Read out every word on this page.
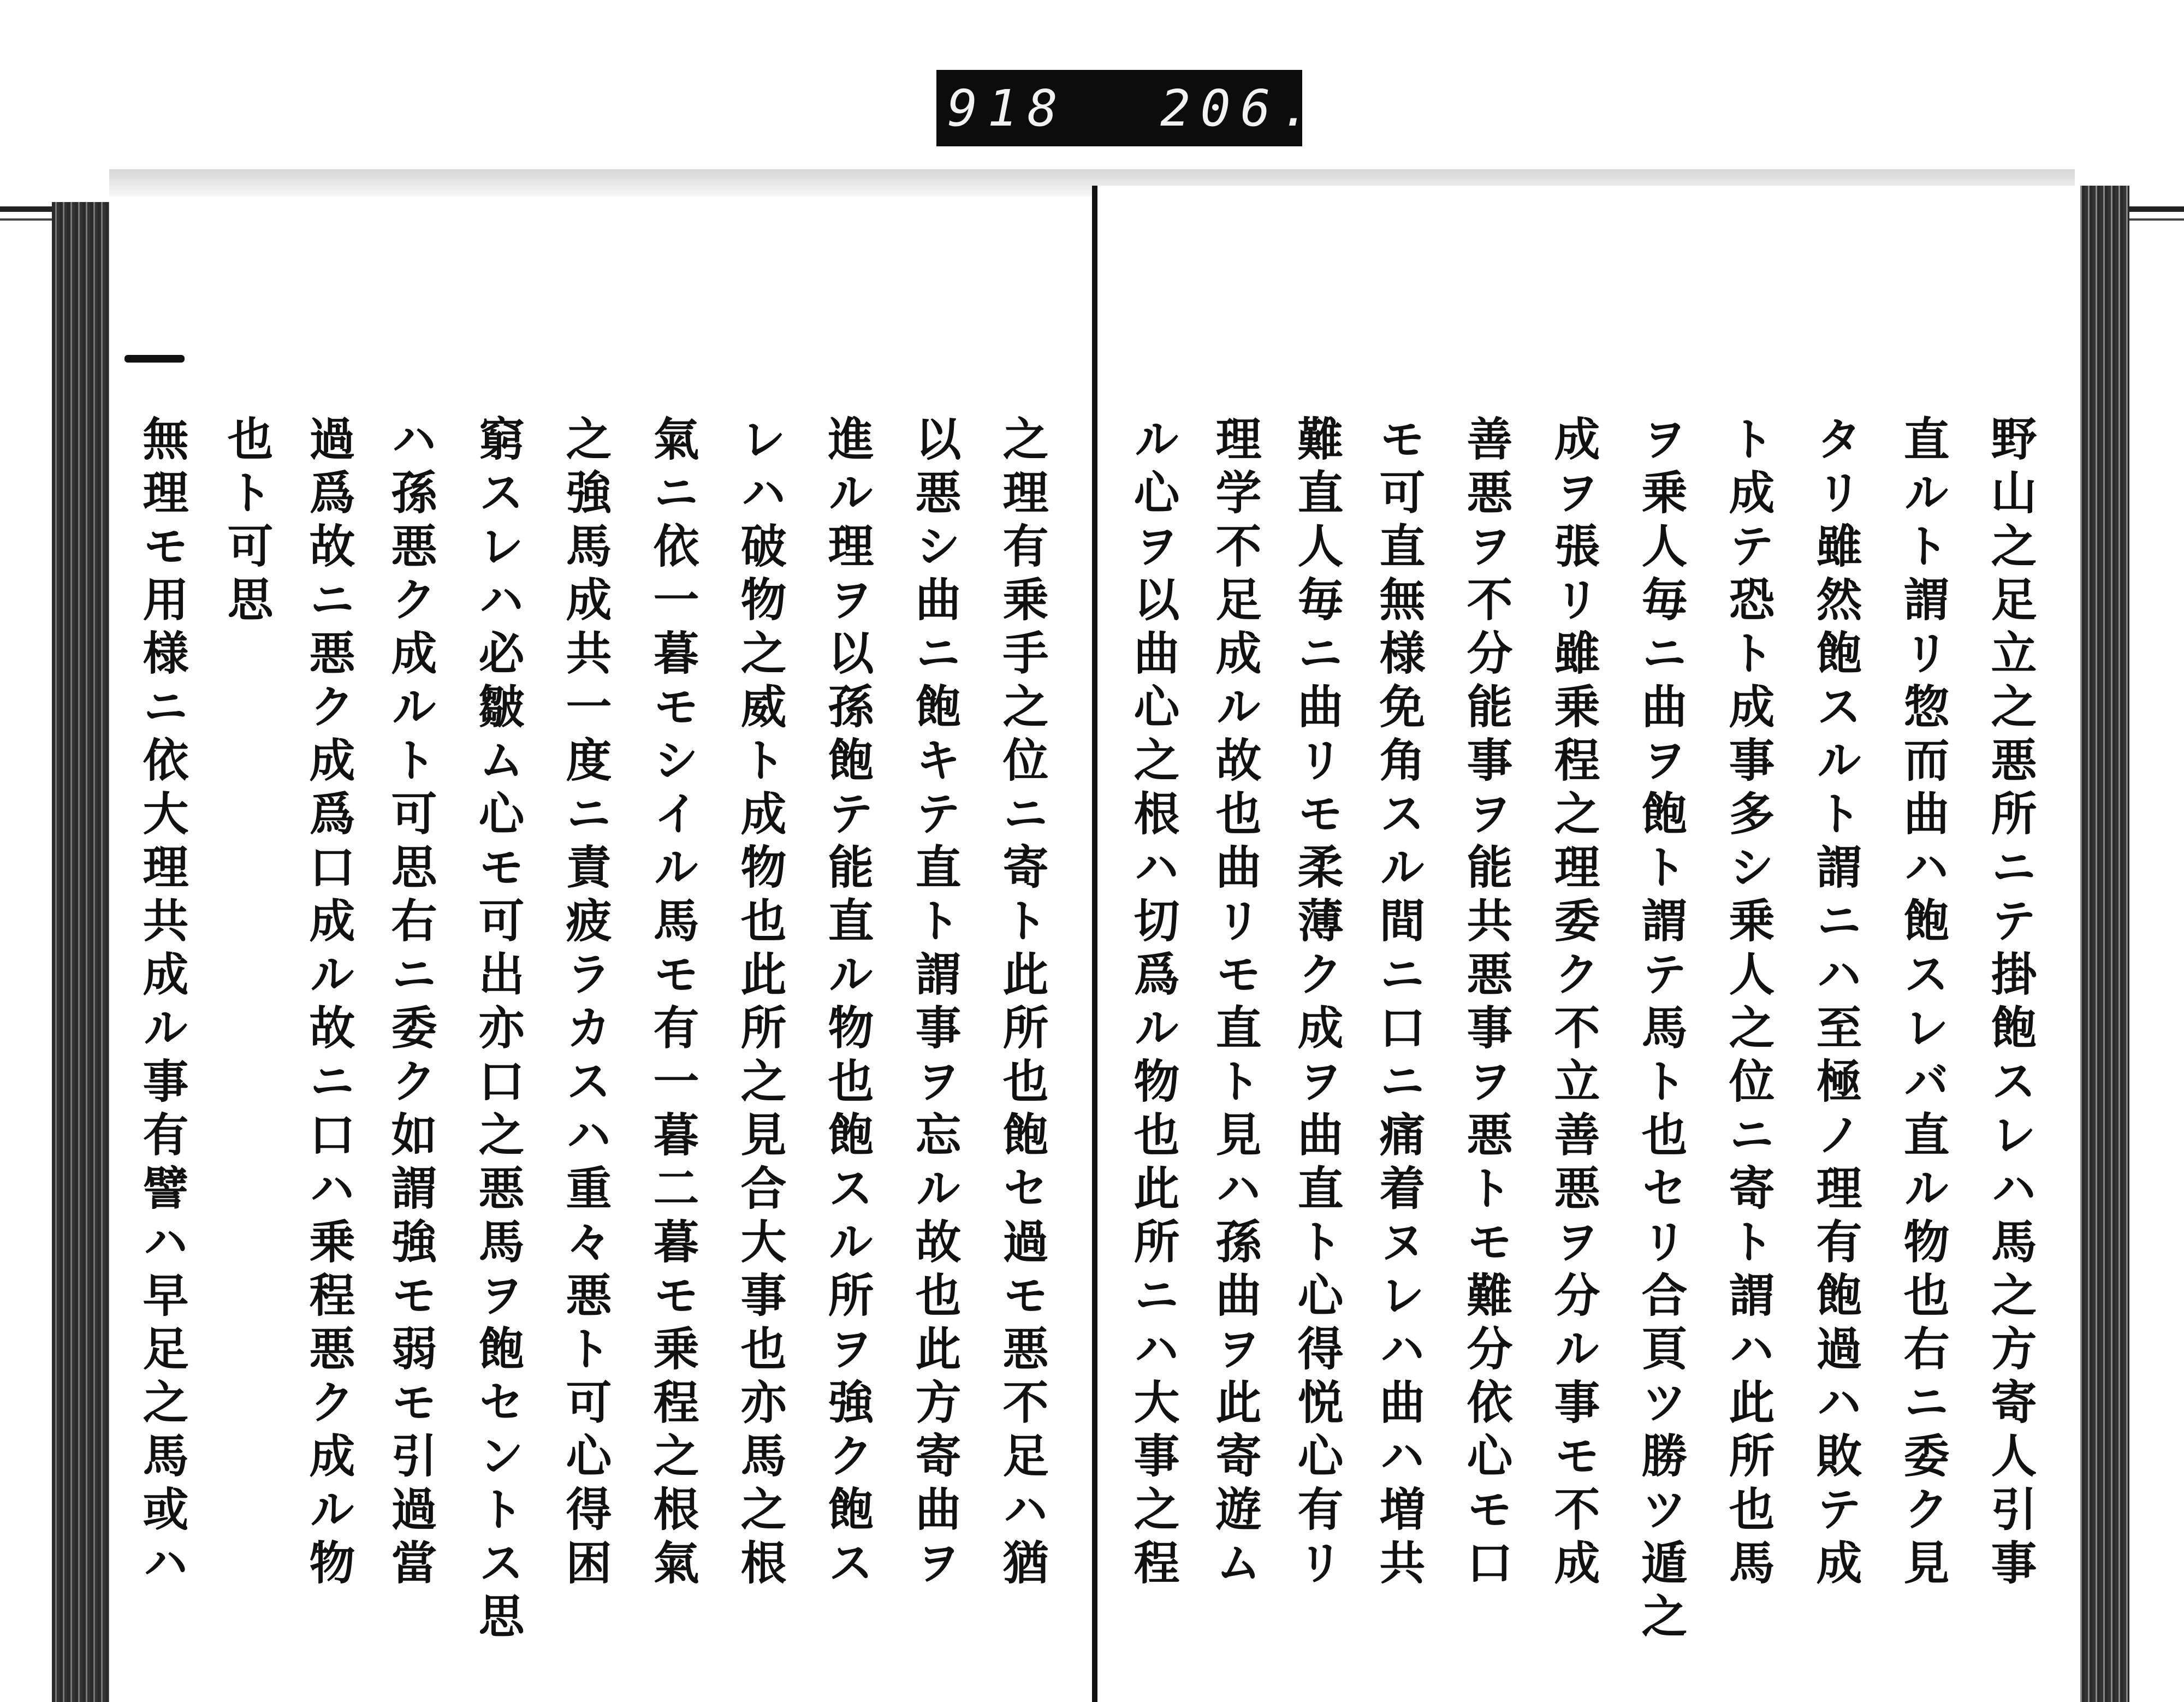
918 206.
之理有乗手之位ニ寄ト此所也飽セ過モ悪不足ハ猶
以悪シ曲ニ飽キテ直ト謂事ヲ忘ル故也此方寄曲ヲ
進ル理ヲ以孫飽テ能直ル物也飽スル所ヲ強ク飽ス
レハ破物之威ト成物也此所之見合大事也亦馬之根
氣ニ依一暮モシイル馬モ有一暮二暮モ乗程之根氣
之強馬成共一度ニ責疲ラカスハ重々悪ト可心得困
窮スレハ必皺ム心モ可出亦口之悪馬ヲ飽セントス思
ハ孫悪ク成ルト可思右ニ委ク如謂強モ弱モ引過當
過爲故ニ悪ク成爲口成ル故ニ口ハ乗程悪ク成ル物
也ト可思
無理モ用様ニ依大理共成ル事有譬ハ早足之馬或ハ	野山之足立之悪所ニテ掛飽スレハ馬之方寄人引事
直ルト謂リ惣而曲ハ飽スレバ直ル物也右ニ委ク見
タリ雖然飽スルト謂ニハ至極ノ理有飽過ハ敗テ成
ト成テ恐ト成事多シ乗人之位ニ寄ト謂ハ此所也馬
ヲ乗人毎ニ曲ヲ飽ト謂テ馬ト也セリ合頁ツ勝ツ遁之
成ヲ張リ雖乗程之理委ク不立善悪ヲ分ル事モ不成
善悪ヲ不分能事ヲ能共悪事ヲ悪トモ難分依心モ口
モ可直無様免角スル間ニ口ニ痛着ヌレハ曲ハ増共
難直人毎ニ曲リモ柔薄ク成ヲ曲直ト心得悦心有リ
理学不足成ル故也曲リモ直ト見ハ孫曲ヲ此寄遊ム
ル心ヲ以曲心之根ハ切爲ル物也此所ニハ大事之程
